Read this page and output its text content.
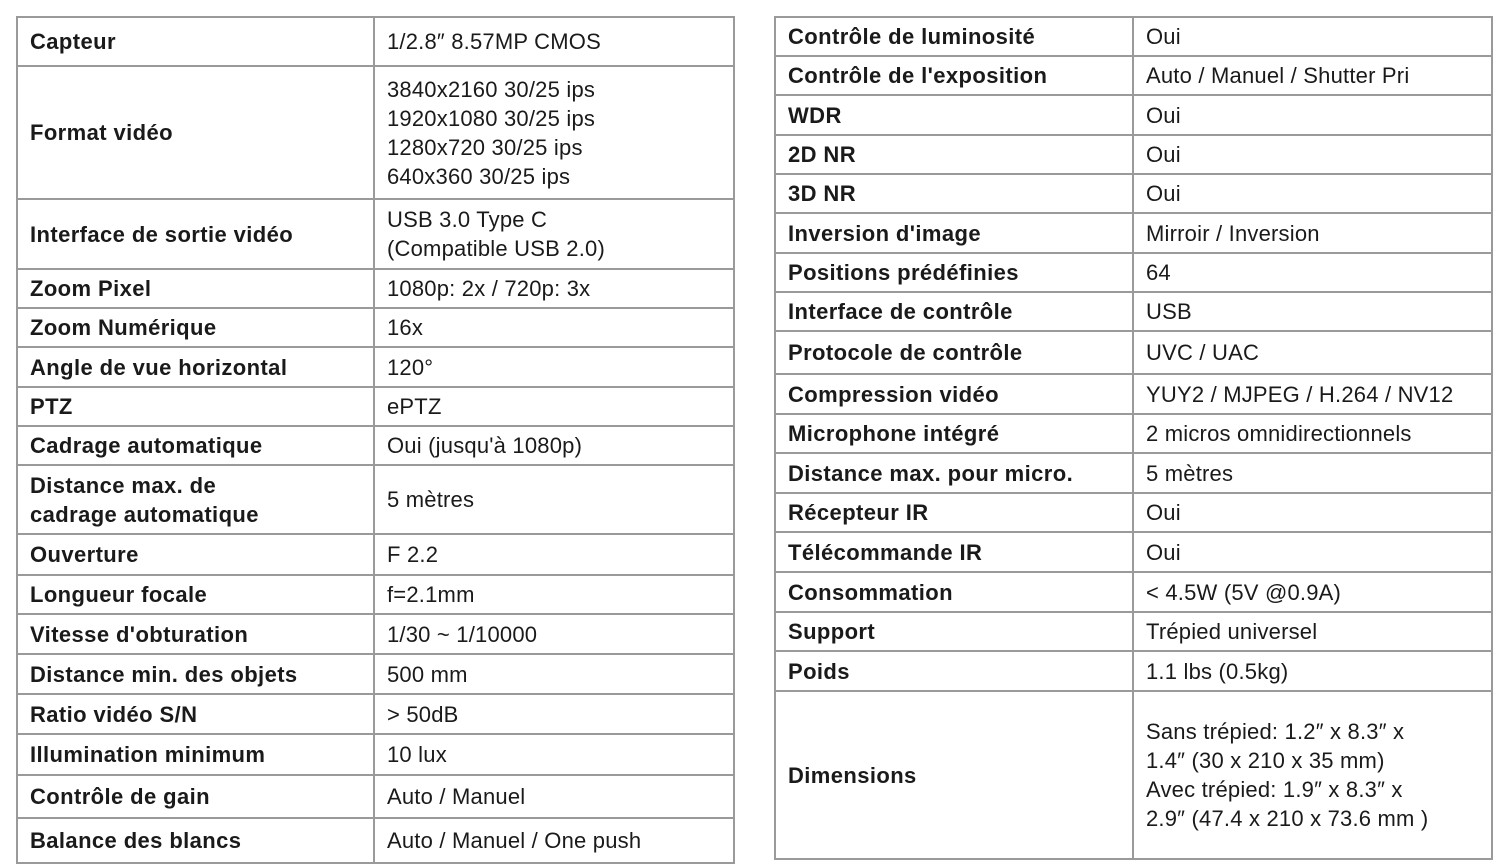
Capteur	1/2.8″ 8.57MP CMOS
Format vidéo	3840x2160 30/25 ips
1920x1080 30/25 ips
1280x720 30/25 ips
640x360 30/25 ips
Interface de sortie vidéo	USB 3.0 Type C
(Compatible USB 2.0)
Zoom Pixel	1080p: 2x / 720p: 3x
Zoom Numérique	16x
Angle de vue horizontal	120°
PTZ	ePTZ
Cadrage automatique	Oui (jusqu'à 1080p)
Distance max. de
cadrage automatique	5 mètres
Ouverture	F 2.2
Longueur focale	f=2.1mm
Vitesse d'obturation	1/30 ~ 1/10000
Distance min. des objets	500 mm
Ratio vidéo S/N	> 50dB
Illumination minimum	10 lux
Contrôle de gain	Auto / Manuel
Balance des blancs	Auto / Manuel / One push
Contrôle de luminosité	Oui
Contrôle de l'exposition	Auto / Manuel / Shutter Pri
WDR	Oui
2D NR	Oui
3D NR	Oui
Inversion d'image	Mirroir / Inversion
Positions prédéfinies	64
Interface de contrôle	USB
Protocole de contrôle	UVC / UAC
Compression vidéo	YUY2 / MJPEG / H.264 / NV12
Microphone intégré	2 micros omnidirectionnels
Distance max. pour micro.	5 mètres
Récepteur IR	Oui
Télécommande IR	Oui
Consommation	< 4.5W (5V @0.9A)
Support	Trépied universel
Poids	1.1 lbs (0.5kg)
Dimensions	Sans trépied: 1.2″ x 8.3″ x
1.4″ (30 x 210 x 35 mm)
Avec trépied: 1.9″ x 8.3″ x
2.9″ (47.4 x 210 x 73.6 mm )
